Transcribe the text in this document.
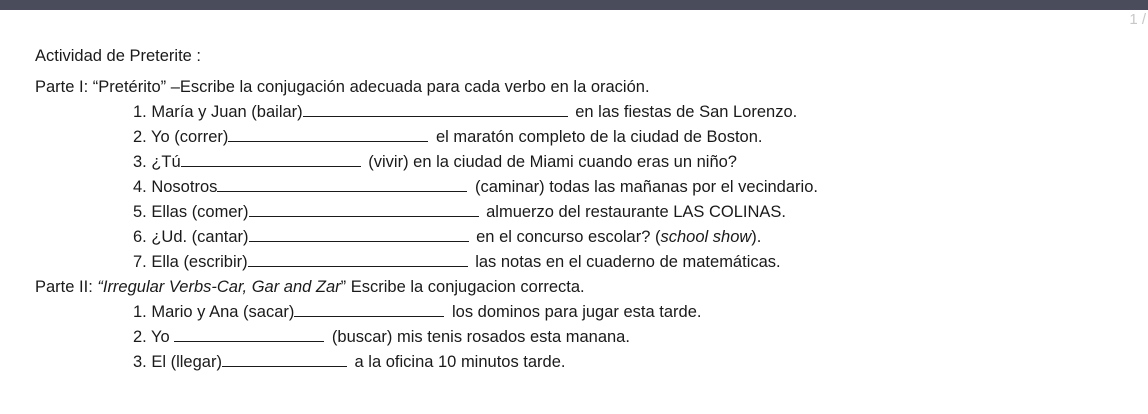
1 /
Actividad de Preterite :
Parte I: “Pretérito” –Escribe la conjugación adecuada para cada verbo en la oración.
1. María y Juan (bailar)	en las fiestas de San Lorenzo.
2. Yo (correr)	el maratón completo de la ciudad de Boston.
3. ¿Tú	(vivir) en la ciudad de Miami cuando eras un niño?
4. Nosotros	(caminar) todas las mañanas por el vecindario.
5. Ellas (comer)	almuerzo del restaurante LAS COLINAS.
6. ¿Ud. (cantar)	en el concurso escolar? (school show).
7. Ella (escribir)	las notas en el cuaderno de matemáticas.
Parte II: “Irregular Verbs-Car, Gar and Zar” Escribe la conjugacion correcta.
1. Mario y Ana (sacar)	los dominos para jugar esta tarde.
2. Yo	(buscar) mis tenis rosados esta manana.
3. El (llegar)	a la oficina 10 minutos tarde.
